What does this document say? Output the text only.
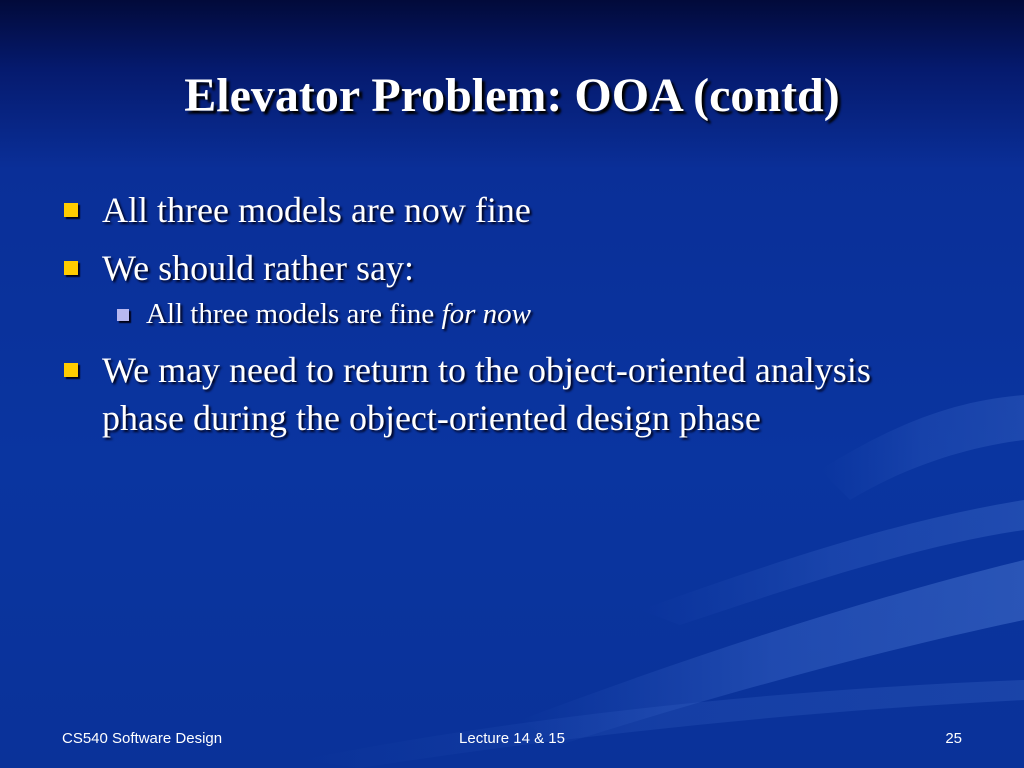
Elevator Problem: OOA (contd)
All three models are now fine
We should rather say:
All three models are fine for now
We may need to return to the object-oriented analysis phase during the object-oriented design phase
CS540 Software Design	Lecture 14 & 15	25
